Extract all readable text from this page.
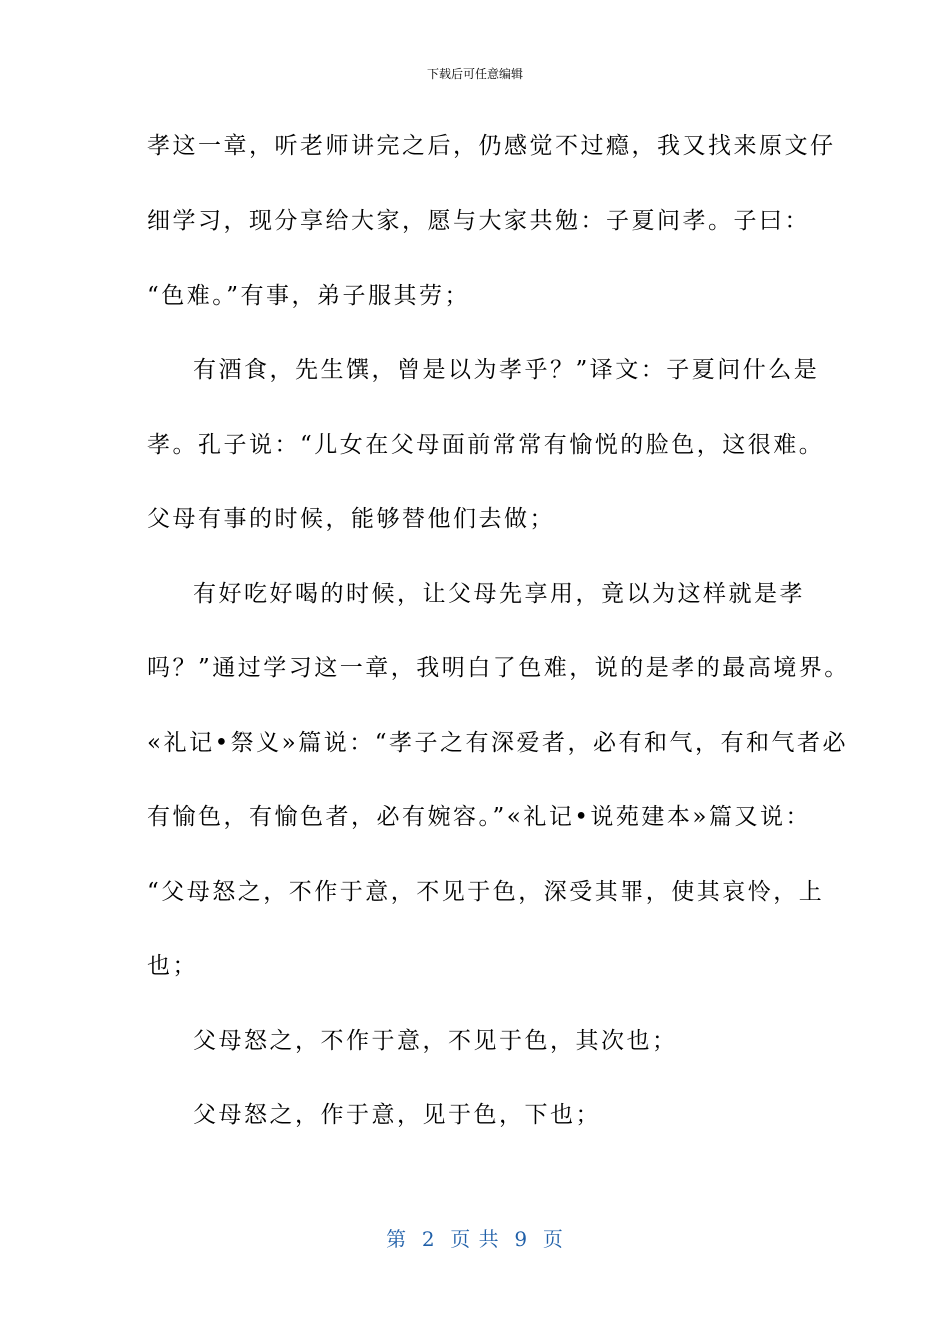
下载后可任意编辑
孝这一章，听老师讲完之后，仍感觉不过瘾，我又找来原文仔
细学习，现分享给大家，愿与大家共勉：子夏问孝。子曰：
“色难。”有事，弟子服其劳；
有酒食，先生馔，曾是以为孝乎？”译文：子夏问什么是
孝。孔子说：“儿女在父母面前常常有愉悦的脸色，这很难。
父母有事的时候，能够替他们去做；
有好吃好喝的时候，让父母先享用，竟以为这样就是孝
吗？”通过学习这一章，我明白了色难，说的是孝的最高境界。
«礼记•祭义»篇说：“孝子之有深爱者，必有和气，有和气者必
有愉色，有愉色者，必有婉容。”«礼记•说苑建本»篇又说：
“父母怒之，不作于意，不见于色，深受其罪，使其哀怜，上
也；
父母怒之，不作于意，不见于色，其次也；
父母怒之，作于意，见于色，下也；
第  2  页 共  9  页
